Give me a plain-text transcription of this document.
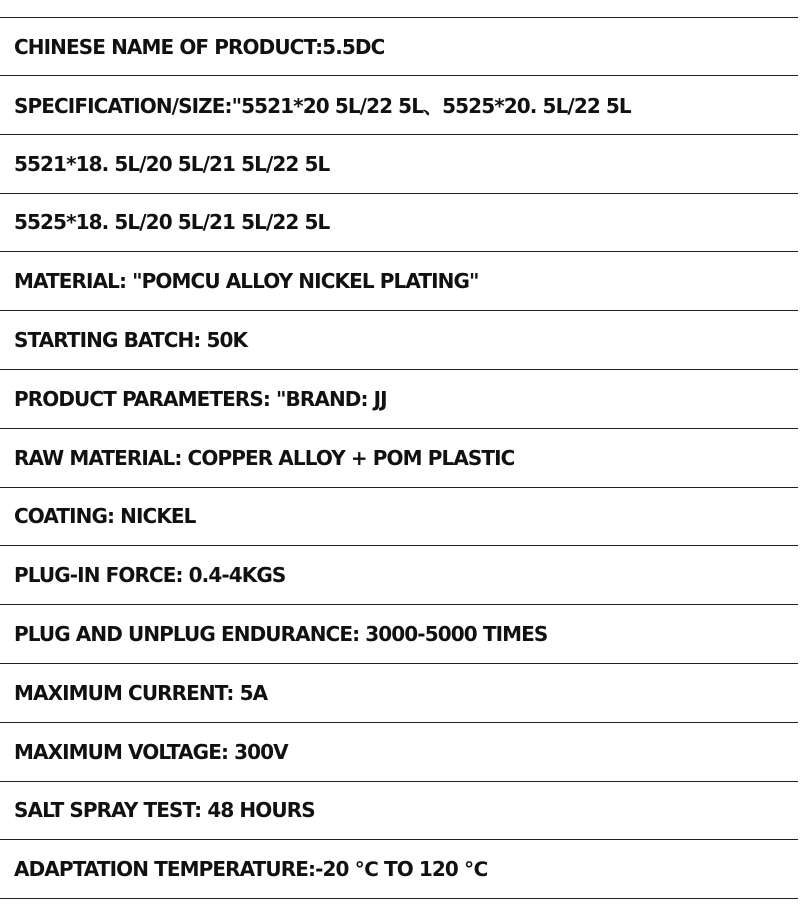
CHINESE NAME OF PRODUCT:5.5DC
SPECIFICATION/SIZE:"5521*20 5L/22 5L、5525*20. 5L/22 5L
5521*18. 5L/20 5L/21 5L/22 5L
5525*18. 5L/20 5L/21 5L/22 5L
MATERIAL: "POMCU ALLOY NICKEL PLATING"
STARTING BATCH: 50K
PRODUCT PARAMETERS: "BRAND: JJ
RAW MATERIAL: COPPER ALLOY + POM PLASTIC
COATING: NICKEL
PLUG-IN FORCE: 0.4-4KGS
PLUG AND UNPLUG ENDURANCE: 3000-5000 TIMES
MAXIMUM CURRENT: 5A
MAXIMUM VOLTAGE: 300V
SALT SPRAY TEST: 48 HOURS
ADAPTATION TEMPERATURE:-20 ℃ TO 120 ℃
